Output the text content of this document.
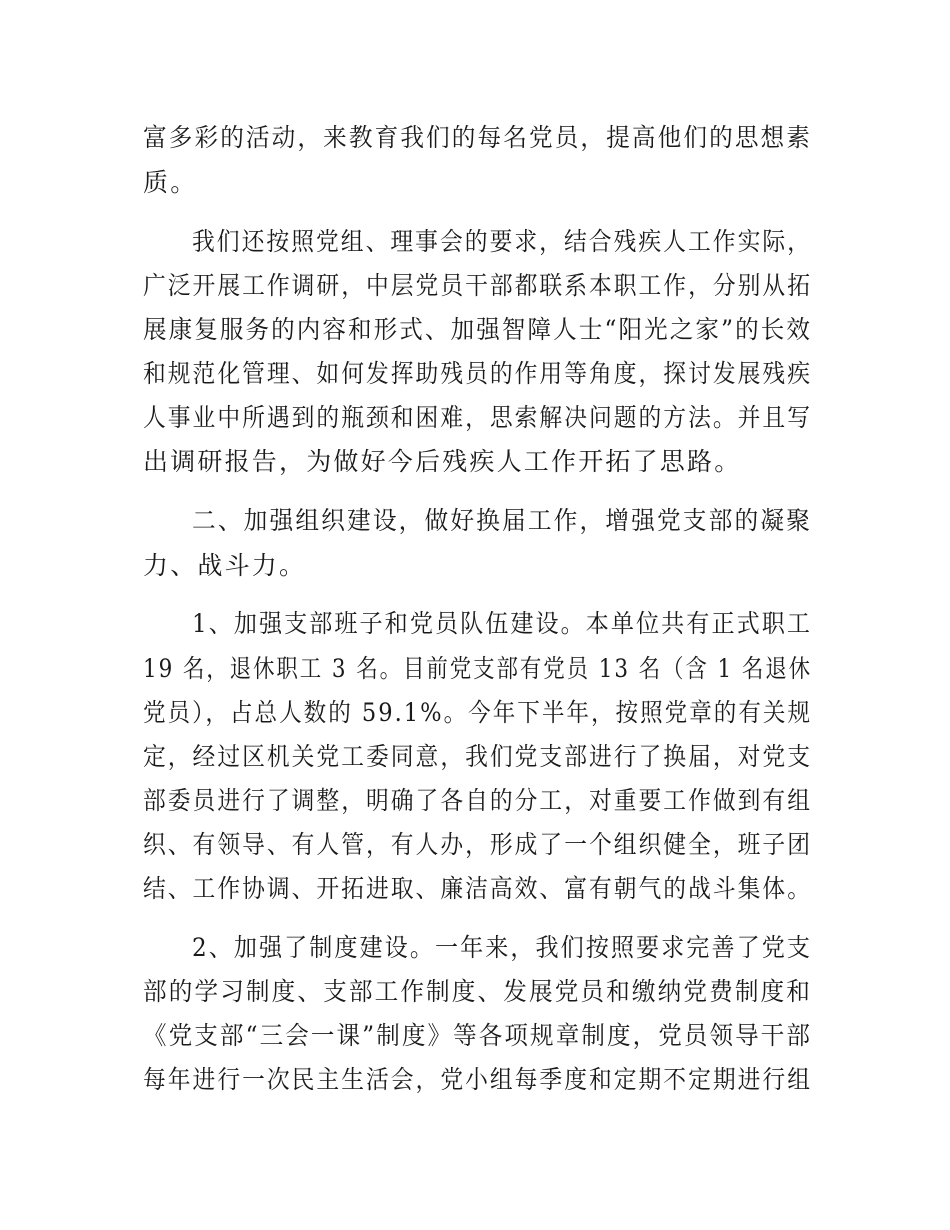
富多彩的活动，来教育我们的每名党员，提高他们的思想素
质。
我们还按照党组、理事会的要求，结合残疾人工作实际，
广泛开展工作调研，中层党员干部都联系本职工作，分别从拓
展康复服务的内容和形式、加强智障人士“阳光之家”的长效
和规范化管理、如何发挥助残员的作用等角度，探讨发展残疾
人事业中所遇到的瓶颈和困难，思索解决问题的方法。并且写
出调研报告，为做好今后残疾人工作开拓了思路。
二、加强组织建设，做好换届工作，增强党支部的凝聚
力、战斗力。
1、加强支部班子和党员队伍建设。本单位共有正式职工
19 名，退休职工 3 名。目前党支部有党员 13 名（含 1 名退休
党员），占总人数的 59.1%。今年下半年，按照党章的有关规
定，经过区机关党工委同意，我们党支部进行了换届，对党支
部委员进行了调整，明确了各自的分工，对重要工作做到有组
织、有领导、有人管，有人办，形成了一个组织健全，班子团
结、工作协调、开拓进取、廉洁高效、富有朝气的战斗集体。
2、加强了制度建设。一年来，我们按照要求完善了党支
部的学习制度、支部工作制度、发展党员和缴纳党费制度和
《党支部“三会一课”制度》等各项规章制度，党员领导干部
每年进行一次民主生活会，党小组每季度和定期不定期进行组
